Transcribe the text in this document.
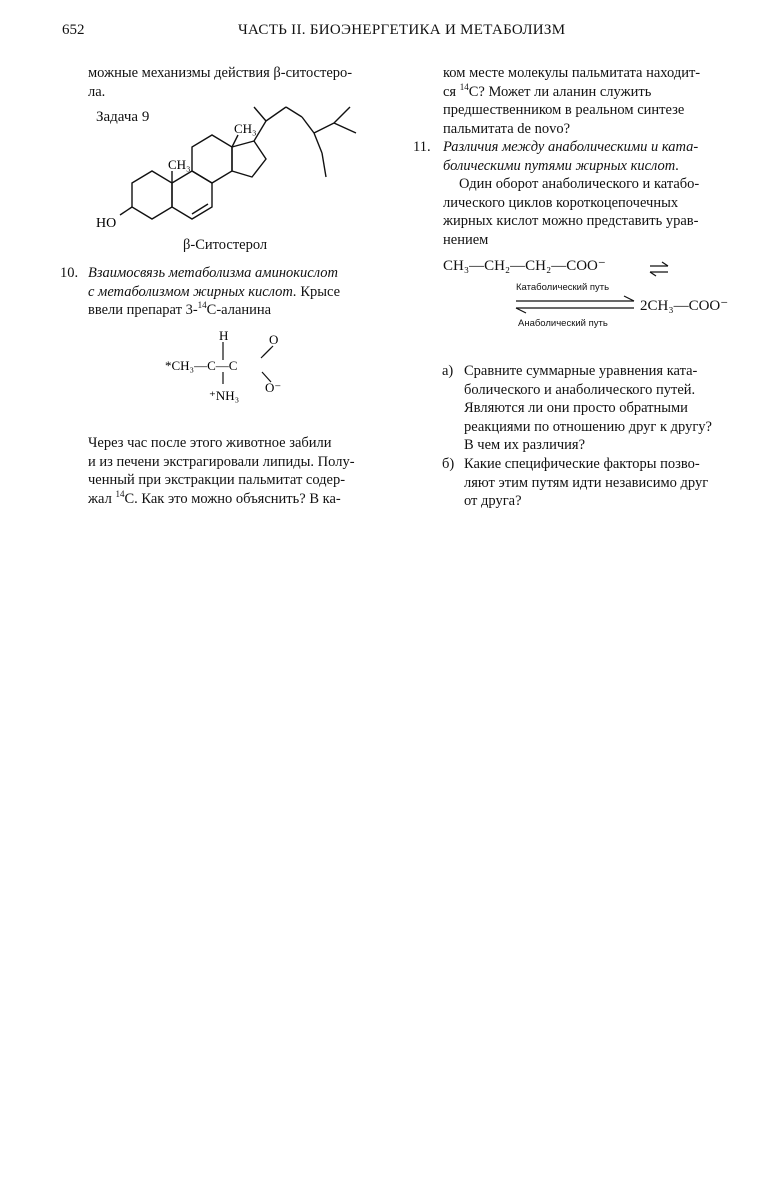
652	ЧАСТЬ II. БИОЭНЕРГЕТИКА И МЕТАБОЛИЗМ
можные механизмы действия β-ситостеро-
ла.
Задача 9
CH₃
CH₃
HO
β-Ситостерол
10. Взаимосвязь метаболизма аминокислот
с метаболизмом жирных кислот. Крысе
ввели препарат 3-$^{14}$C-аланина
H
*CH₃—C—C
O
O⁻
⁺NH₃
Через час после этого животное забили
и из печени экстрагировали липиды. Полу-
ченный при экстракции пальмитат содер-
жал $^{14}$C. Как это можно объяснить? В ка-
ком месте молекулы пальмитата находит-
ся $^{14}$C? Может ли аланин служить
предшественником в реальном синтезе
пальмитата de novo?
11. Различия между анаболическими и ката-
болическими путями жирных кислот.
Один оборот анаболического и катабо-
лического циклов короткоцепочечных
жирных кислот можно представить урав-
нением
CH₃—CH₂—CH₂—COO⁻
Катаболический путь
2CH₃—COO⁻
Анаболический путь
а) Сравните суммарные уравнения ката-
болического и анаболического путей.
Являются ли они просто обратными
реакциями по отношению друг к другу?
В чем их различия?
б) Какие специфические факторы позво-
ляют этим путям идти независимо друг
от друга?
